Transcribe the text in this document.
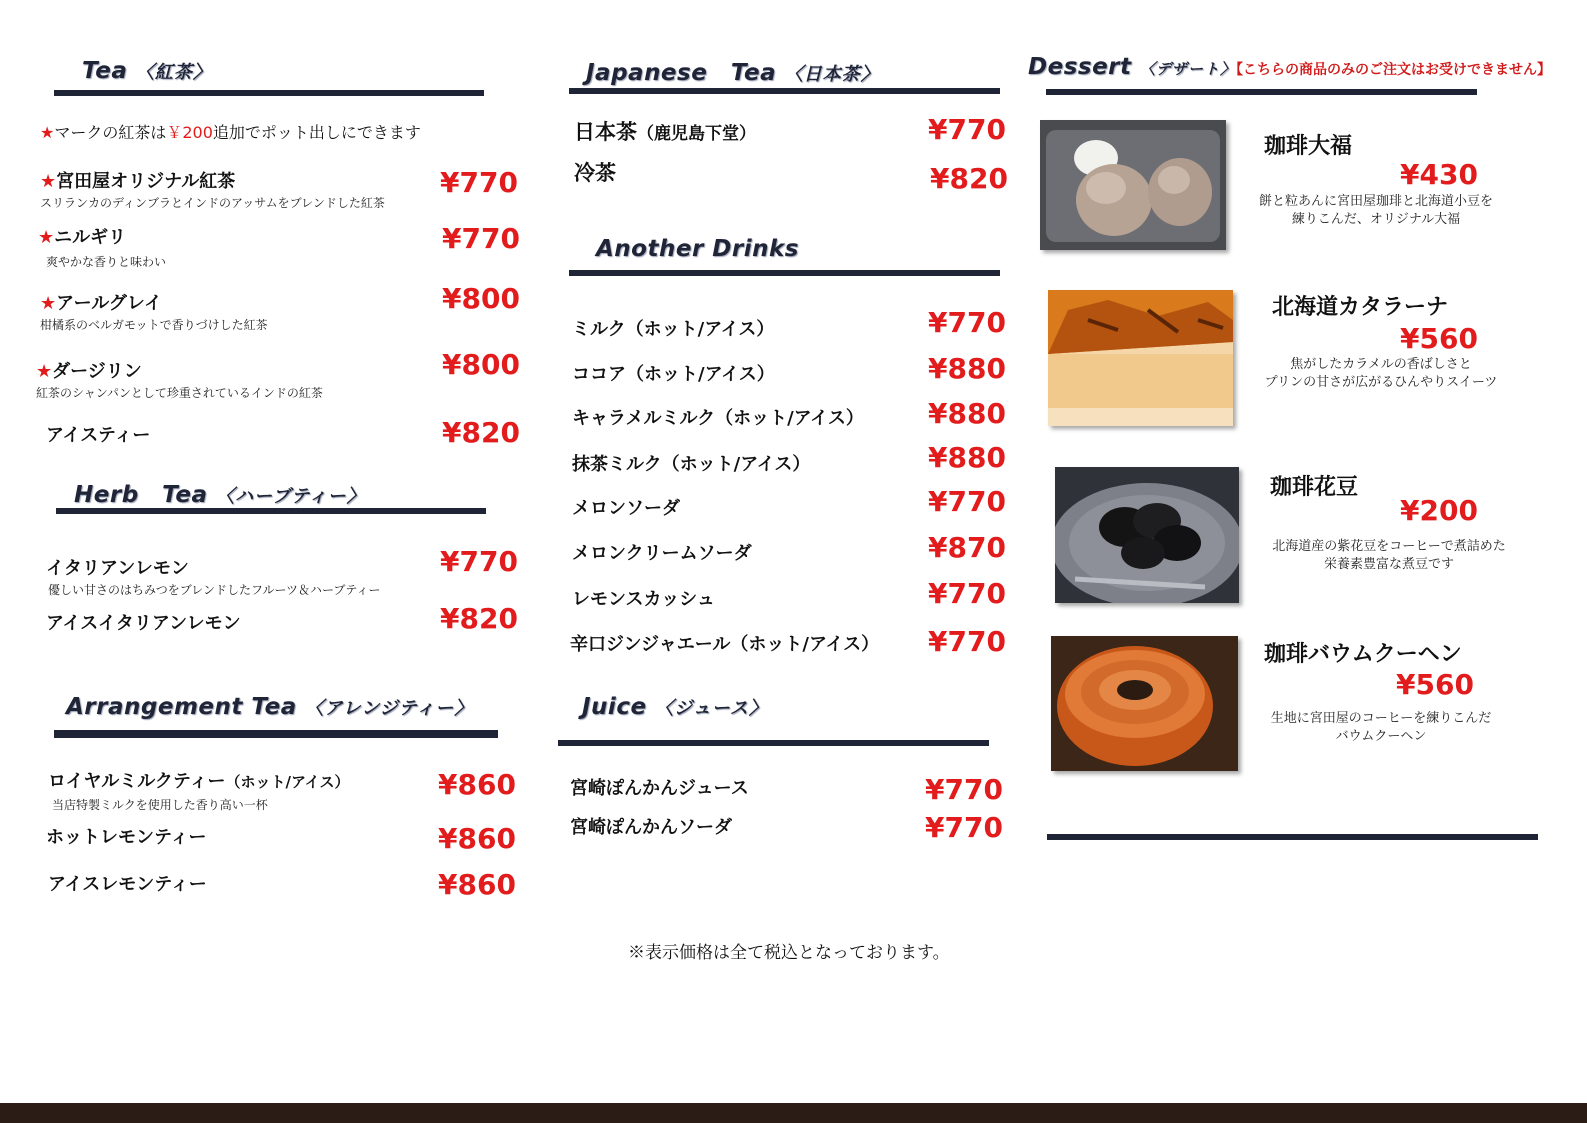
Tea 〈紅茶〉
★マークの紅茶は￥200追加でポット出しにできます
★宮田屋オリジナル紅茶
スリランカのディンブラとインドのアッサムをブレンドした紅茶
¥770
★ニルギリ
爽やかな香りと味わい
¥770
★アールグレイ
柑橘系のベルガモットで香りづけした紅茶
¥800
★ダージリン
紅茶のシャンパンとして珍重されているインドの紅茶
¥800
アイスティー	¥820
Herb　Tea 〈ハーブティー〉
イタリアンレモン
優しい甘さのはちみつをブレンドしたフルーツ＆ハーブティー
¥770
アイスイタリアンレモン	¥820
Arrangement Tea 〈アレンジティー〉
ロイヤルミルクティー（ホット/アイス）
当店特製ミルクを使用した香り高い一杯
¥860
ホットレモンティー	¥860
アイスレモンティー	¥860
Japanese　Tea 〈日本茶〉
日本茶（鹿児島下堂）	¥770
冷茶	¥820
Another Drinks
ミルク（ホット/アイス）	¥770
ココア（ホット/アイス）	¥880
キャラメルミルク（ホット/アイス） ¥880
抹茶ミルク（ホット/アイス）	¥880
メロンソーダ	¥770
メロンクリームソーダ	¥870
レモンスカッシュ	¥770
辛口ジンジャエール（ホット/アイス） ¥770
Juice 〈ジュース〉
宮崎ぽんかんジュース	¥770
宮崎ぽんかんソーダ	¥770
※表示価格は全て税込となっております。
Dessert 〈デザート〉【こちらの商品のみのご注文はお受けできません】
珈琲大福
¥430
餅と粒あんに宮田屋珈琲と北海道小豆を
練りこんだ、オリジナル大福
北海道カタラーナ
¥560
焦がしたカラメルの香ばしさと
プリンの甘さが広がるひんやりスイーツ
珈琲花豆
¥200
北海道産の紫花豆をコーヒーで煮詰めた
栄養素豊富な煮豆です
珈琲バウムクーヘン
¥560
生地に宮田屋のコーヒーを練りこんだ
バウムクーヘン
